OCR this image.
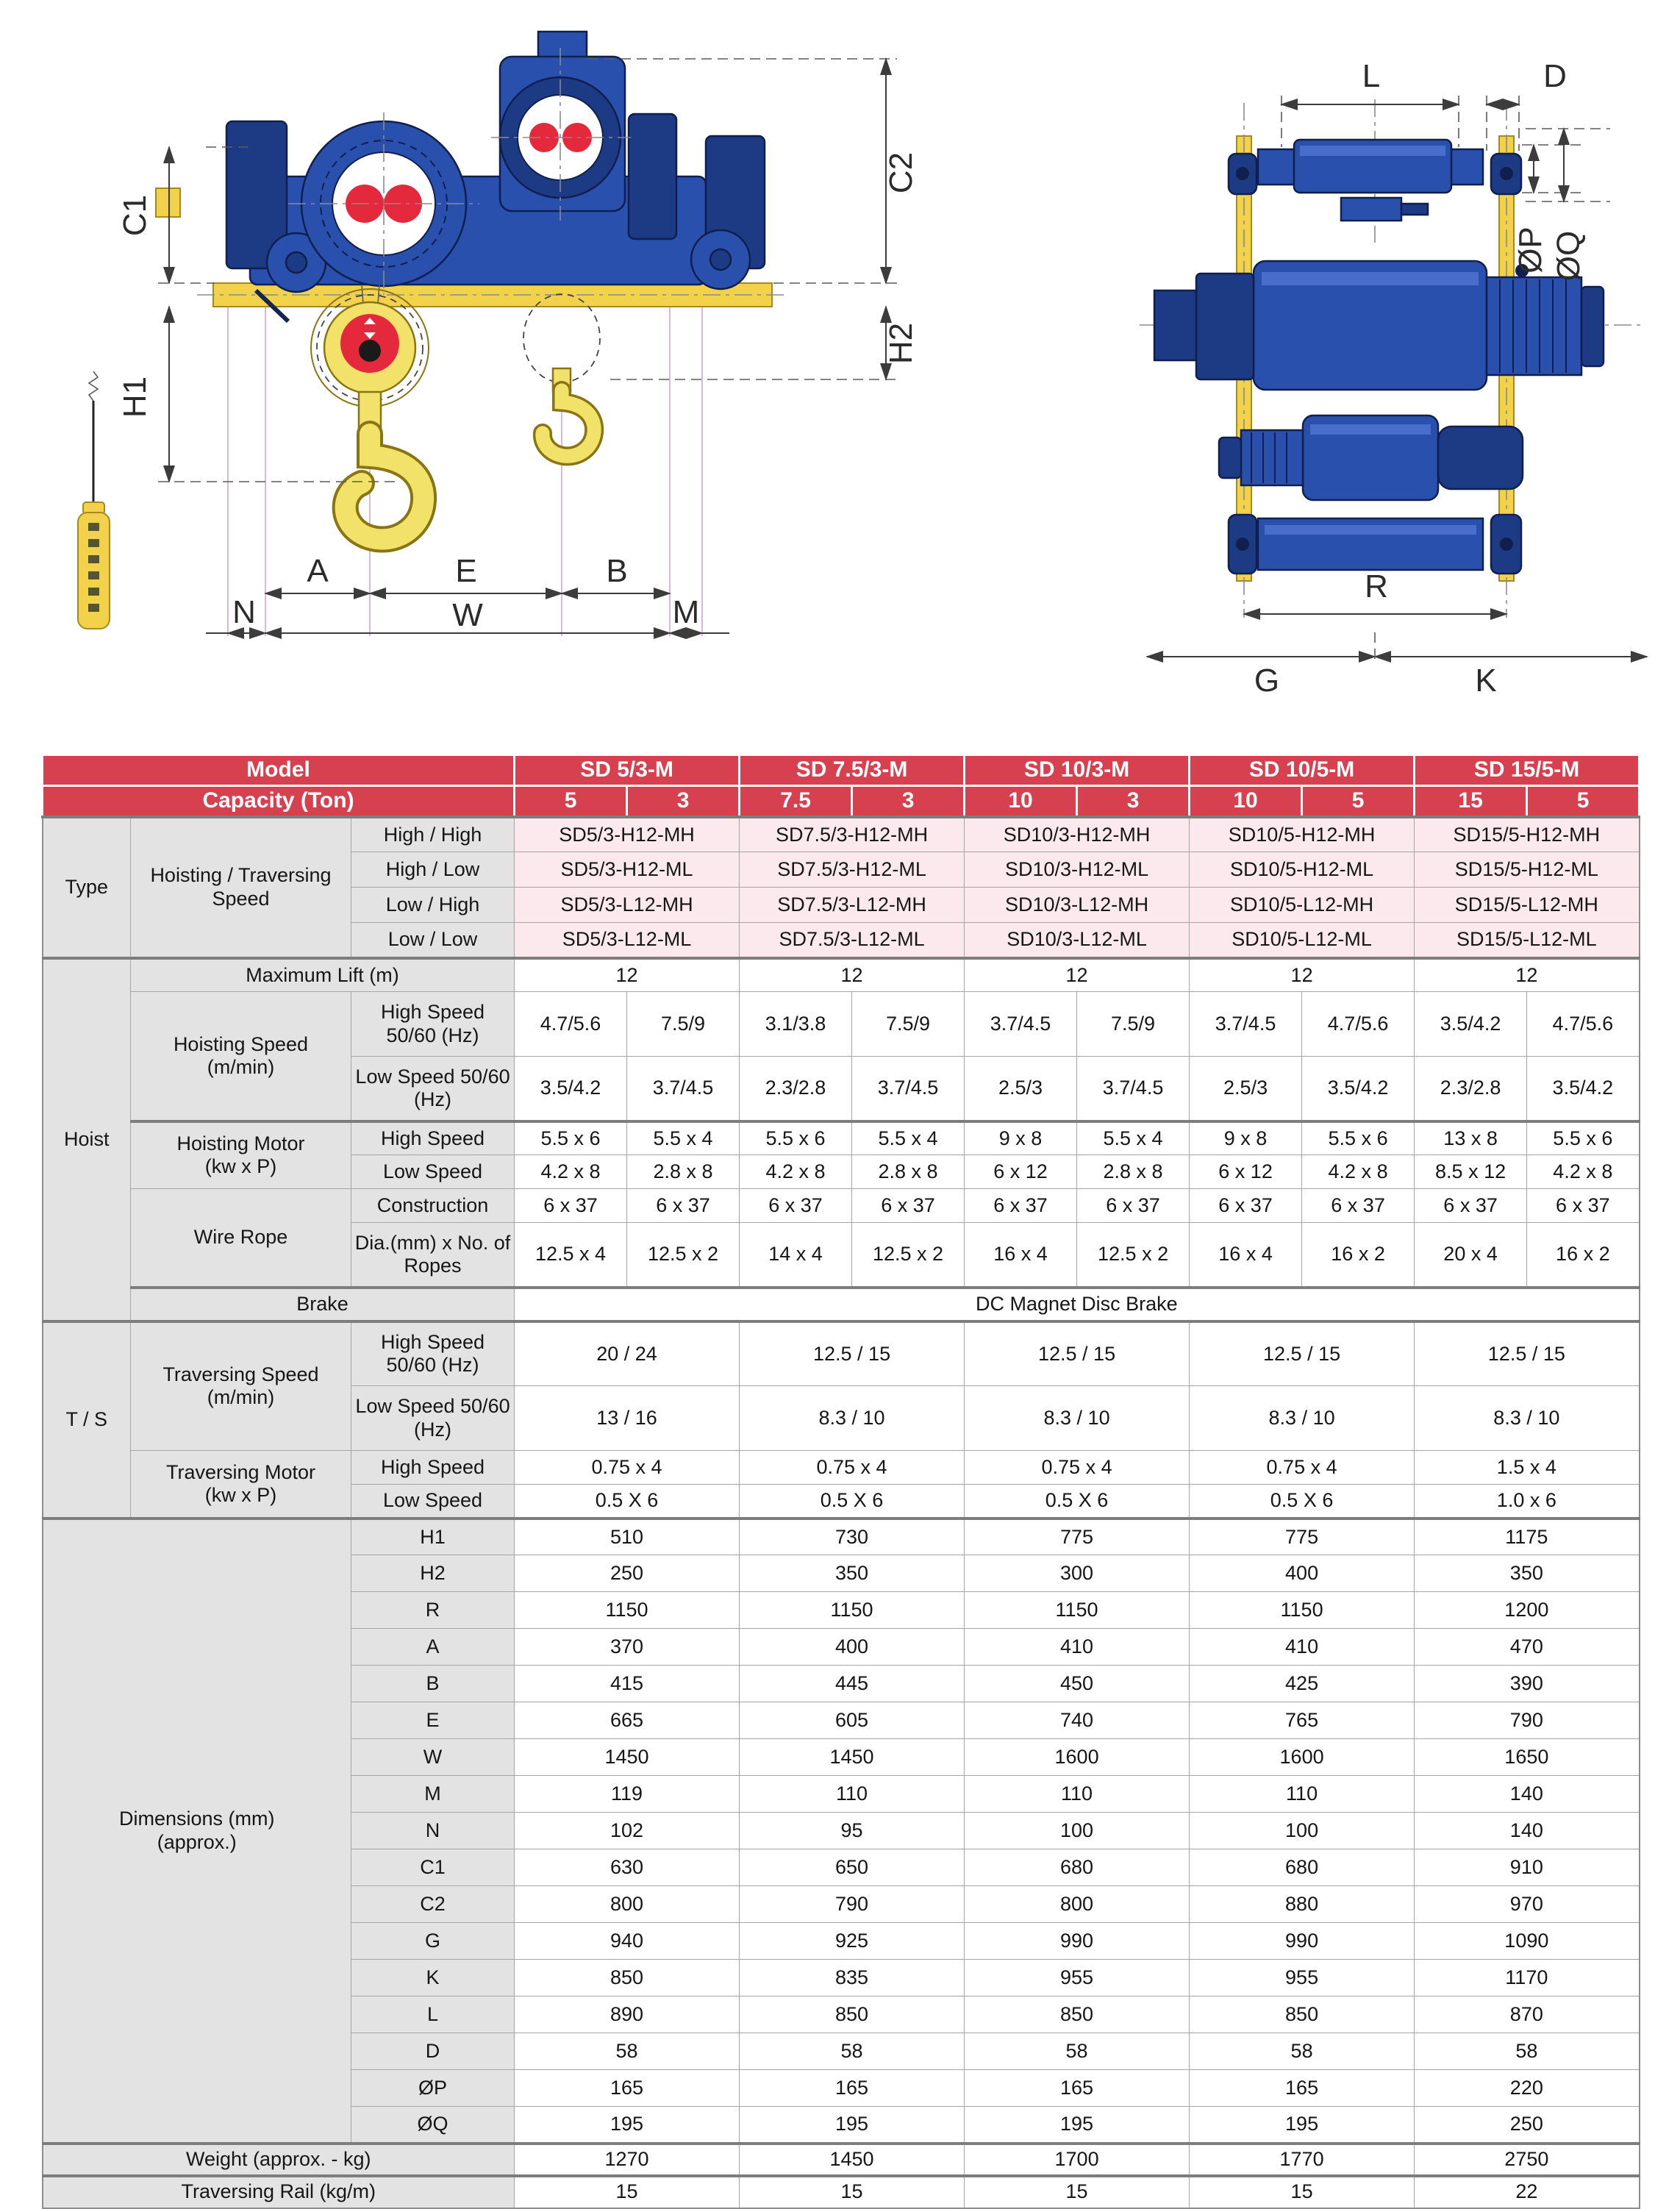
C1
H1
C2
H2
A	E	B
N	W	M
L	D
ØP ØQ
R
G	K
Model			SD 5/3-M		SD 7.5/3-M		SD 10/3-M		SD 10/5-M		SD 15/5-M	
Capacity (Ton)			5	3	7.5	3	10	3	10	5	15	5
Type	Hoisting / Traversing Speed	High / High	SD5/3-H12-MH		SD7.5/3-H12-MH		SD10/3-H12-MH		SD10/5-H12-MH		SD15/5-H12-MH	
		High / Low	SD5/3-H12-ML		SD7.5/3-H12-ML		SD10/3-H12-ML		SD10/5-H12-ML		SD15/5-H12-ML	
		Low / High	SD5/3-L12-MH		SD7.5/3-L12-MH		SD10/3-L12-MH		SD10/5-L12-MH		SD15/5-L12-MH	
		Low / Low	SD5/3-L12-ML		SD7.5/3-L12-ML		SD10/3-L12-ML		SD10/5-L12-ML		SD15/5-L12-ML	
Hoist	Maximum Lift (m)		12		12		12		12		12	

	Hoisting Speed
(m/min)	High Speed 50/60 (Hz)	4.7/5.6	7.5/9	3.1/3.8	7.5/9	3.7/4.5	7.5/9	3.7/4.5	4.7/5.6	3.5/4.2	4.7/5.6
		Low Speed 50/60 (Hz)	3.5/4.2	3.7/4.5	2.3/2.8	3.7/4.5	2.5/3	3.7/4.5	2.5/3	3.5/4.2	2.3/2.8	3.5/4.2

	Hoisting Motor
(kw x P)	High Speed	5.5 x 6	5.5 x 4	5.5 x 6	5.5 x 4	9 x 8	5.5 x 4	9 x 8	5.5 x 6	13 x 8	5.5 x 6
		Low Speed	4.2 x 8	2.8 x 8	4.2 x 8	2.8 x 8	6 x 12	2.8 x 8	6 x 12	4.2 x 8	8.5 x 12	4.2 x 8
	Wire Rope	Construction	6 x 37	6 x 37	6 x 37	6 x 37	6 x 37	6 x 37	6 x 37	6 x 37	6 x 37	6 x 37
		Dia.(mm) x No. of Ropes	12.5 x 4	12.5 x 2	14 x 4	12.5 x 2	16 x 4	12.5 x 2	16 x 4	16 x 2	20 x 4	16 x 2
	Brake		DC Magnet Disc Brake									
T / S	Traversing Speed
(m/min)	High Speed 50/60 (Hz)	20 / 24		12.5 / 15		12.5 / 15		12.5 / 15		12.5 / 15	
		Low Speed 50/60 (Hz)	13 / 16		8.3 / 10		8.3 / 10		8.3 / 10		8.3 / 10	

	Traversing Motor
(kw x P)	High Speed	0.75 x 4		0.75 x 4		0.75 x 4		0.75 x 4		1.5 x 4	
		Low Speed	0.5 X 6		0.5 X 6		0.5 X 6		0.5 X 6		1.0 x 6	

Dimensions (mm)
(approx.)		H1	510		730		775		775		1175	
		H2	250		350		300		400		350	
		R	1150		1150		1150		1150		1200	
		A	370		400		410		410		470	
		B	415		445		450		425		390	
		E	665		605		740		765		790	
		W	1450		1450		1600		1600		1650	
		M	119		110		110		110		140	
		N	102		95		100		100		140	
		C1	630		650		680		680		910	
		C2	800		790		800		880		970	
		G	940		925		990		990		1090	
		K	850		835		955		955		1170	
		L	890		850		850		850		870	
		D	58		58		58		58		58	
		ØP	165		165		165		165		220	
		ØQ	195		195		195		195		250	
Weight (approx. - kg)			1270		1450		1700		1770		2750	
Traversing Rail (kg/m)			15		15		15		15		22	
